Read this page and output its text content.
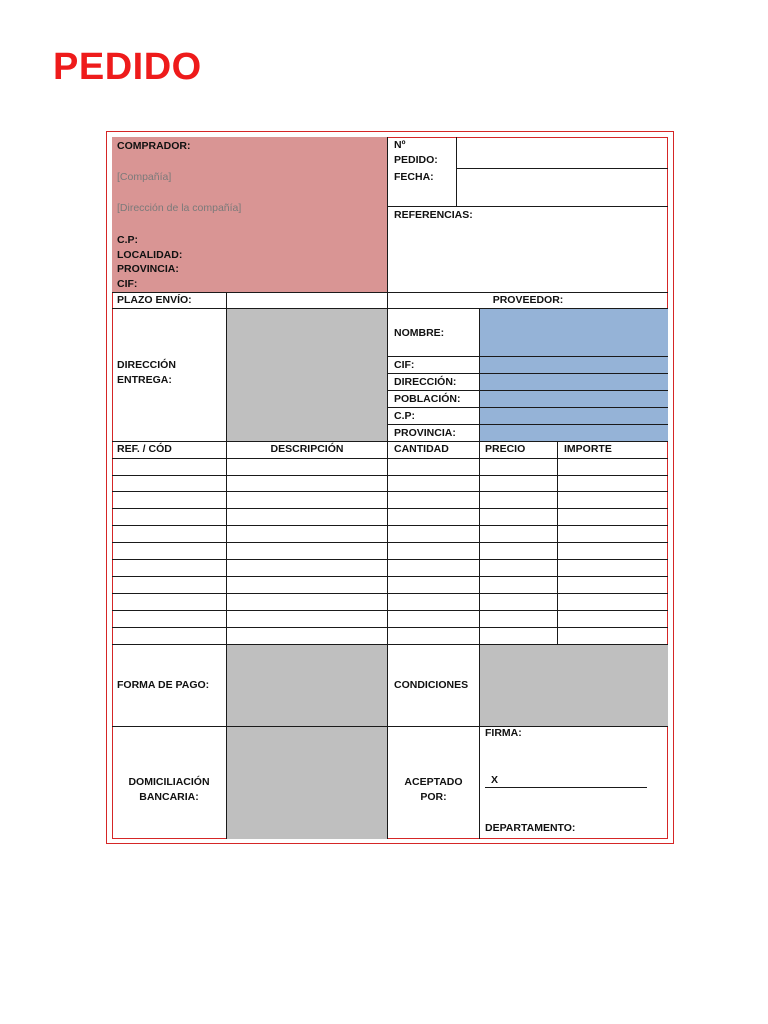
PEDIDO
COMPRADOR:
[Compañía]
[Dirección de la compañía]
C.P:
LOCALIDAD:
PROVINCIA:
CIF:
Nº
PEDIDO:
FECHA:
REFERENCIAS:
PLAZO ENVÍO:	PROVEEDOR:
DIRECCIÓN
ENTREGA:
NOMBRE:
CIF:
DIRECCIÓN:
POBLACIÓN:
C.P:
PROVINCIA:
REF. / CÓD	DESCRIPCIÓN	CANTIDAD	PRECIO	IMPORTE
FORMA DE PAGO:	CONDICIONES
DOMICILIACIÓN
BANCARIA:
ACEPTADO
POR:
FIRMA:
X
DEPARTAMENTO:
